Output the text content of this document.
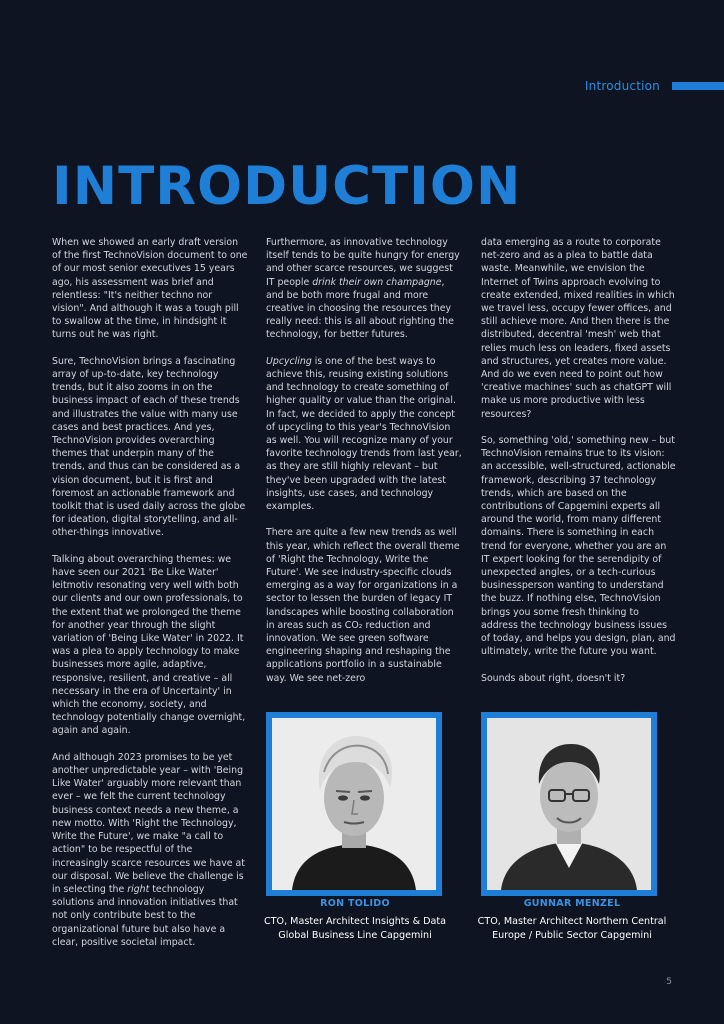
Introduction
INTRODUCTION

When we showed an early draft version of the first TechnoVision document to one of our most senior executives 15 years ago, his assessment was brief and relentless: "It's neither techno nor vision". And although it was a tough pill to swallow at the time, in hindsight it turns out he was right.

Sure, TechnoVision brings a fascinating array of up-to-date, key technology trends, but it also zooms in on the business impact of each of these trends and illustrates the value with many use cases and best practices. And yes, TechnoVision provides overarching themes that underpin many of the trends, and thus can be considered as a vision document, but it is first and foremost an actionable framework and toolkit that is used daily across the globe for ideation, digital storytelling, and all-other-things innovative.

Talking about overarching themes: we have seen our 2021 'Be Like Water' leitmotiv resonating very well with both our clients and our own professionals, to the extent that we prolonged the theme for another year through the slight variation of 'Being Like Water' in 2022. It was a plea to apply technology to make businesses more agile, adaptive, responsive, resilient, and creative – all necessary in the era of Uncertainty' in which the economy, society, and technology potentially change overnight, again and again.

And although 2023 promises to be yet another unpredictable year – with 'Being Like Water' arguably more relevant than ever – we felt the current technology business context needs a new theme, a new motto. With 'Right the Technology, Write the Future', we make "a call to action" to be respectful of the increasingly scarce resources we have at our disposal. We believe the challenge is in selecting the right technology solutions and innovation initiatives that not only contribute best to the organizational future but also have a clear, positive societal impact.

Furthermore, as innovative technology itself tends to be quite hungry for energy and other scarce resources, we suggest IT people drink their own champagne, and be both more frugal and more creative in choosing the resources they really need: this is all about righting the technology, for better futures.

Upcycling is one of the best ways to achieve this, reusing existing solutions and technology to create something of higher quality or value than the original. In fact, we decided to apply the concept of upcycling to this year's TechnoVision as well. You will recognize many of your favorite technology trends from last year, as they are still highly relevant – but they've been upgraded with the latest insights, use cases, and technology examples.

There are quite a few new trends as well this year, which reflect the overall theme of 'Right the Technology, Write the Future'. We see industry-specific clouds emerging as a way for organizations in a sector to lessen the burden of legacy IT landscapes while boosting collaboration in areas such as CO₂ reduction and innovation. We see green software engineering shaping and reshaping the applications portfolio in a sustainable way. We see net-zero

data emerging as a route to corporate net-zero and as a plea to battle data waste. Meanwhile, we envision the Internet of Twins approach evolving to create extended, mixed realities in which we travel less, occupy fewer offices, and still achieve more. And then there is the distributed, decentral 'mesh' web that relies much less on leaders, fixed assets and structures, yet creates more value. And do we even need to point out how 'creative machines' such as chatGPT will make us more productive with less resources?

So, something 'old,' something new – but TechnoVision remains true to its vision: an accessible, well-structured, actionable framework, describing 37 technology trends, which are based on the contributions of Capgemini experts all around the world, from many different domains. There is something in each trend for everyone, whether you are an IT expert looking for the serendipity of unexpected angles, or a tech-curious businessperson wanting to understand the buzz. If nothing else, TechnoVision brings you some fresh thinking to address the technology business issues of today, and helps you design, plan, and ultimately, write the future you want.

Sounds about right, doesn't it?

RON TOLIDO
CTO, Master Architect Insights & Data Global Business Line Capgemini
GUNNAR MENZEL
CTO, Master Architect Northern Central Europe / Public Sector Capgemini
5
